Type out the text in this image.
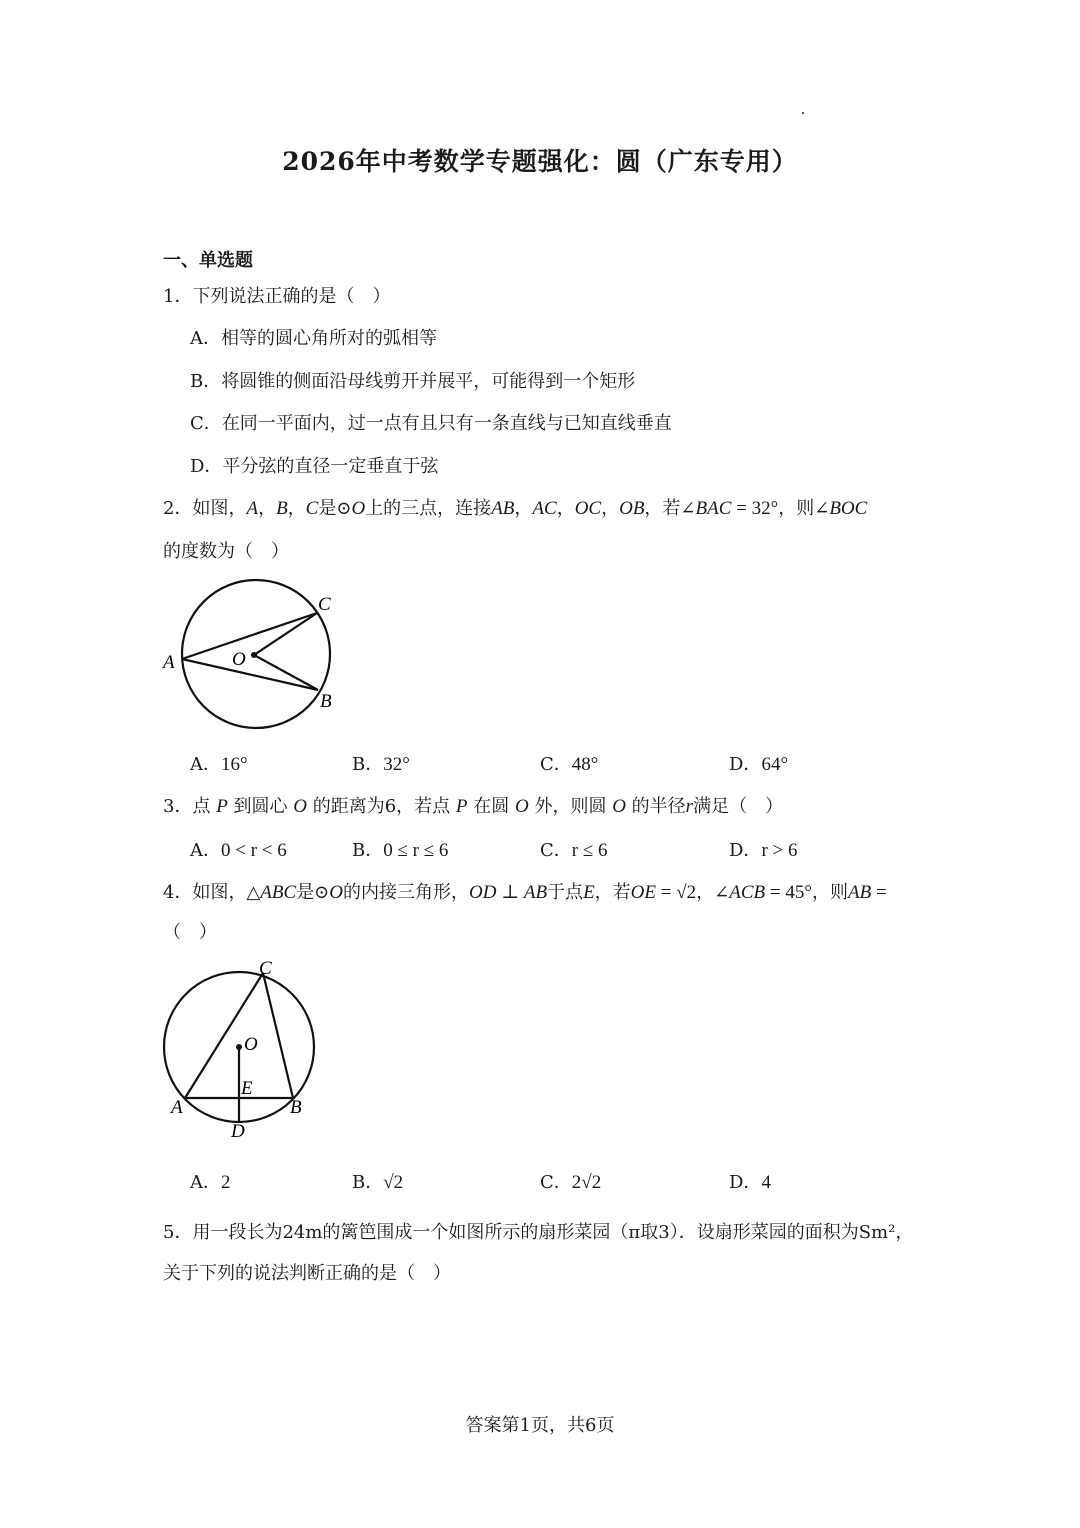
2026年中考数学专题强化：圆（广东专用）
一、单选题
1．下列说法正确的是（　）
A．相等的圆心角所对的弧相等
B．将圆锥的侧面沿母线剪开并展平，可能得到一个矩形
C．在同一平面内，过一点有且只有一条直线与已知直线垂直
D．平分弦的直径一定垂直于弦
2．如图，A，B，C是⊙O上的三点，连接AB，AC，OC，OB，若∠BAC = 32°，则∠BOC
的度数为（　）
A	O
C
B
A．16°	B．32°	C．48°	D．64°
3．点 P 到圆心 O 的距离为6，若点 P 在圆 O 外，则圆 O 的半径r满足（　）
A．0 < r < 6	B．0 ≤ r ≤ 6	C．r ≤ 6	D．r > 6
4．如图，△ABC是⊙O的内接三角形，OD ⊥ AB于点E，若OE = √2，∠ACB = 45°，则AB =
（　）
C
O
E
A	B
D
A．2	B．√2	C．2√2	D．4
5．用一段长为24m的篱笆围成一个如图所示的扇形菜园（π取3）．设扇形菜园的面积为Sm²，
关于下列的说法判断正确的是（　）
答案第1页，共6页
